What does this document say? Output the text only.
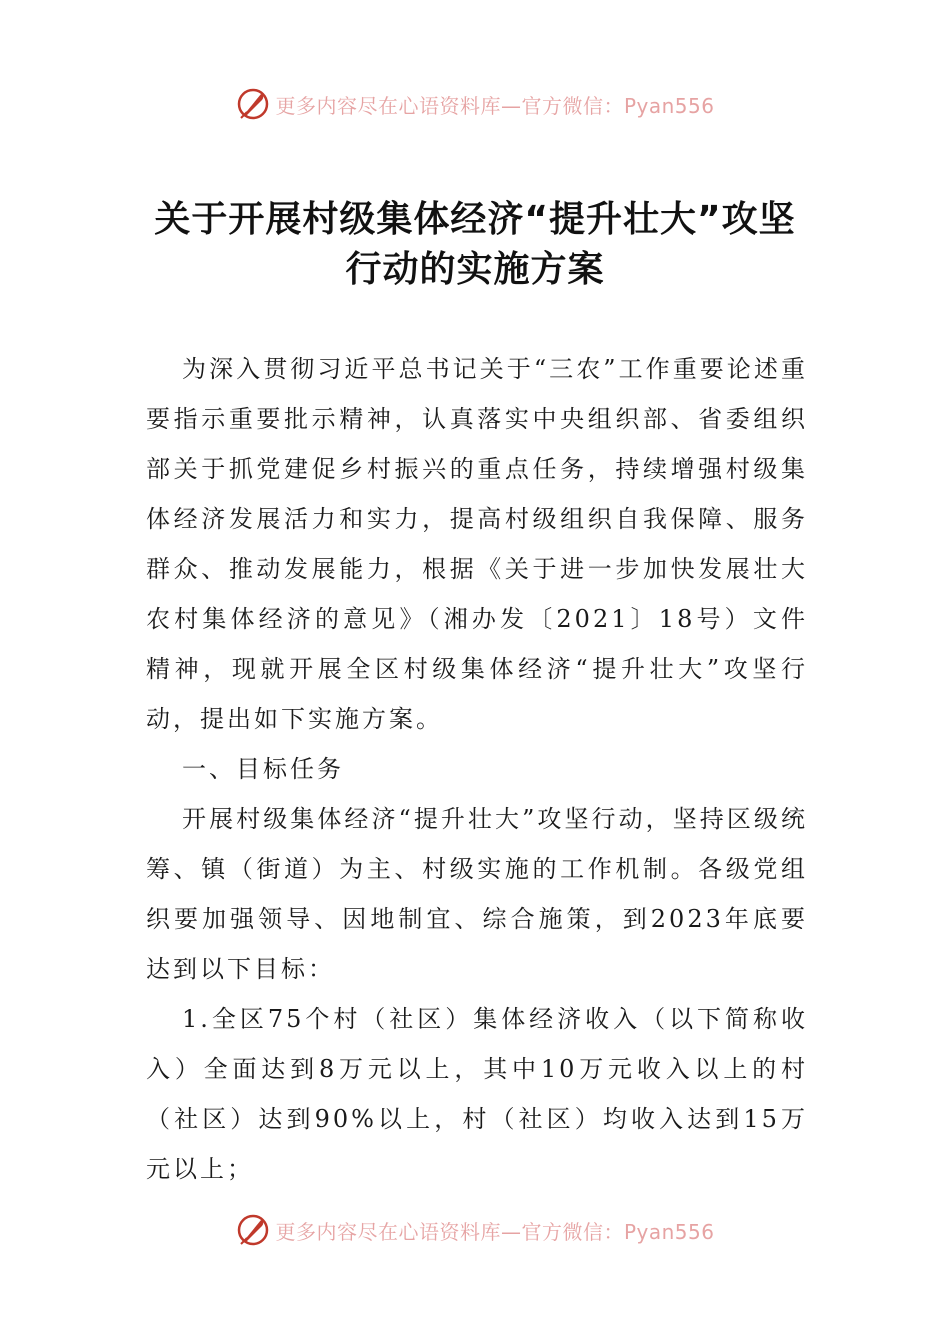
更多内容尽在心语资料库—官方微信：Pyan556
关于开展村级集体经济“提升壮大”攻坚
行动的实施方案

为深入贯彻习近平总书记关于“三农”工作重要论述重要指示重要批示精神，认真落实中央组织部、省委组织部关于抓党建促乡村振兴的重点任务，持续增强村级集体经济发展活力和实力，提高村级组织自我保障、服务群众、推动发展能力，根据《关于进一步加快发展壮大农村集体经济的意见》（湘办发〔2021〕18号）文件精神，现就开展全区村级集体经济“提升壮大”攻坚行动，提出如下实施方案。

一、目标任务

开展村级集体经济“提升壮大”攻坚行动，坚持区级统筹、镇（街道）为主、村级实施的工作机制。各级党组织要加强领导、因地制宜、综合施策，到2023年底要达到以下目标：

1.全区75个村（社区）集体经济收入（以下简称收入）全面达到8万元以上，其中10万元收入以上的村（社区）达到90%以上，村（社区）均收入达到15万元以上；

更多内容尽在心语资料库—官方微信：Pyan556
